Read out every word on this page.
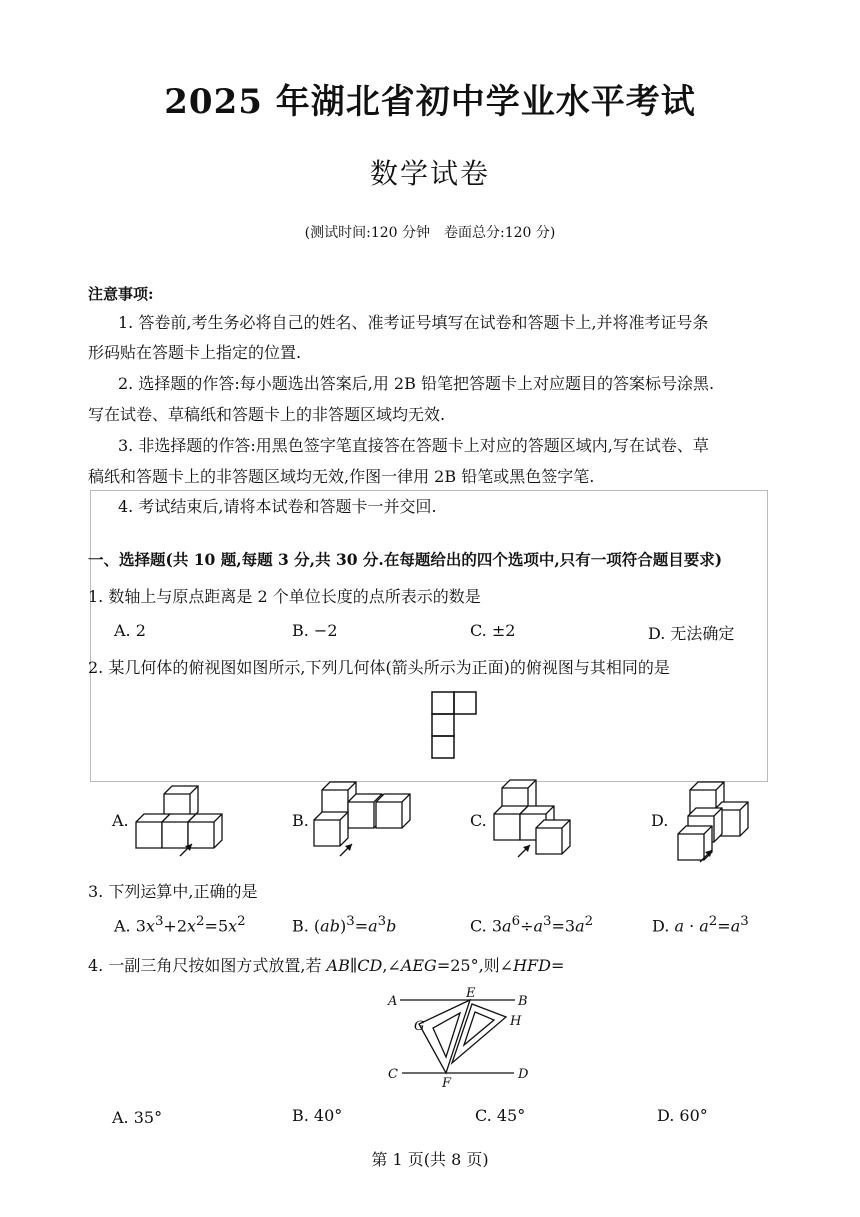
2025 年湖北省初中学业水平考试
数学试卷
(测试时间:120 分钟　卷面总分:120 分)
注意事项:
1. 答卷前,考生务必将自己的姓名、准考证号填写在试卷和答题卡上,并将准考证号条
形码贴在答题卡上指定的位置.
2. 选择题的作答:每小题选出答案后,用 2B 铅笔把答题卡上对应题目的答案标号涂黑.
写在试卷、草稿纸和答题卡上的非答题区域均无效.
3. 非选择题的作答:用黑色签字笔直接答在答题卡上对应的答题区域内,写在试卷、草
稿纸和答题卡上的非答题区域均无效,作图一律用 2B 铅笔或黑色签字笔.
4. 考试结束后,请将本试卷和答题卡一并交回.
一、选择题(共 10 题,每题 3 分,共 30 分.在每题给出的四个选项中,只有一项符合题目要求)
1. 数轴上与原点距离是 2 个单位长度的点所表示的数是
A. 2	B. −2	C. ±2	D. 无法确定
2. 某几何体的俯视图如图所示,下列几何体(箭头所示为正面)的俯视图与其相同的是
A.	B.	C.	D.
3. 下列运算中,正确的是
A. $3x^3+2x^2=5x^2$	B. $(ab)^3=a^3b$	C. $3a^6\div a^3=3a^2$	D. $a \cdot a^2=a^3$
4. 一副三角尺按如图方式放置,若 AB∥CD,∠AEG=25°,则∠HFD=
A	B
E
G	H
C	D
F
A. 35°	B. 40°	C. 45°	D. 60°
第 1 页(共 8 页)
